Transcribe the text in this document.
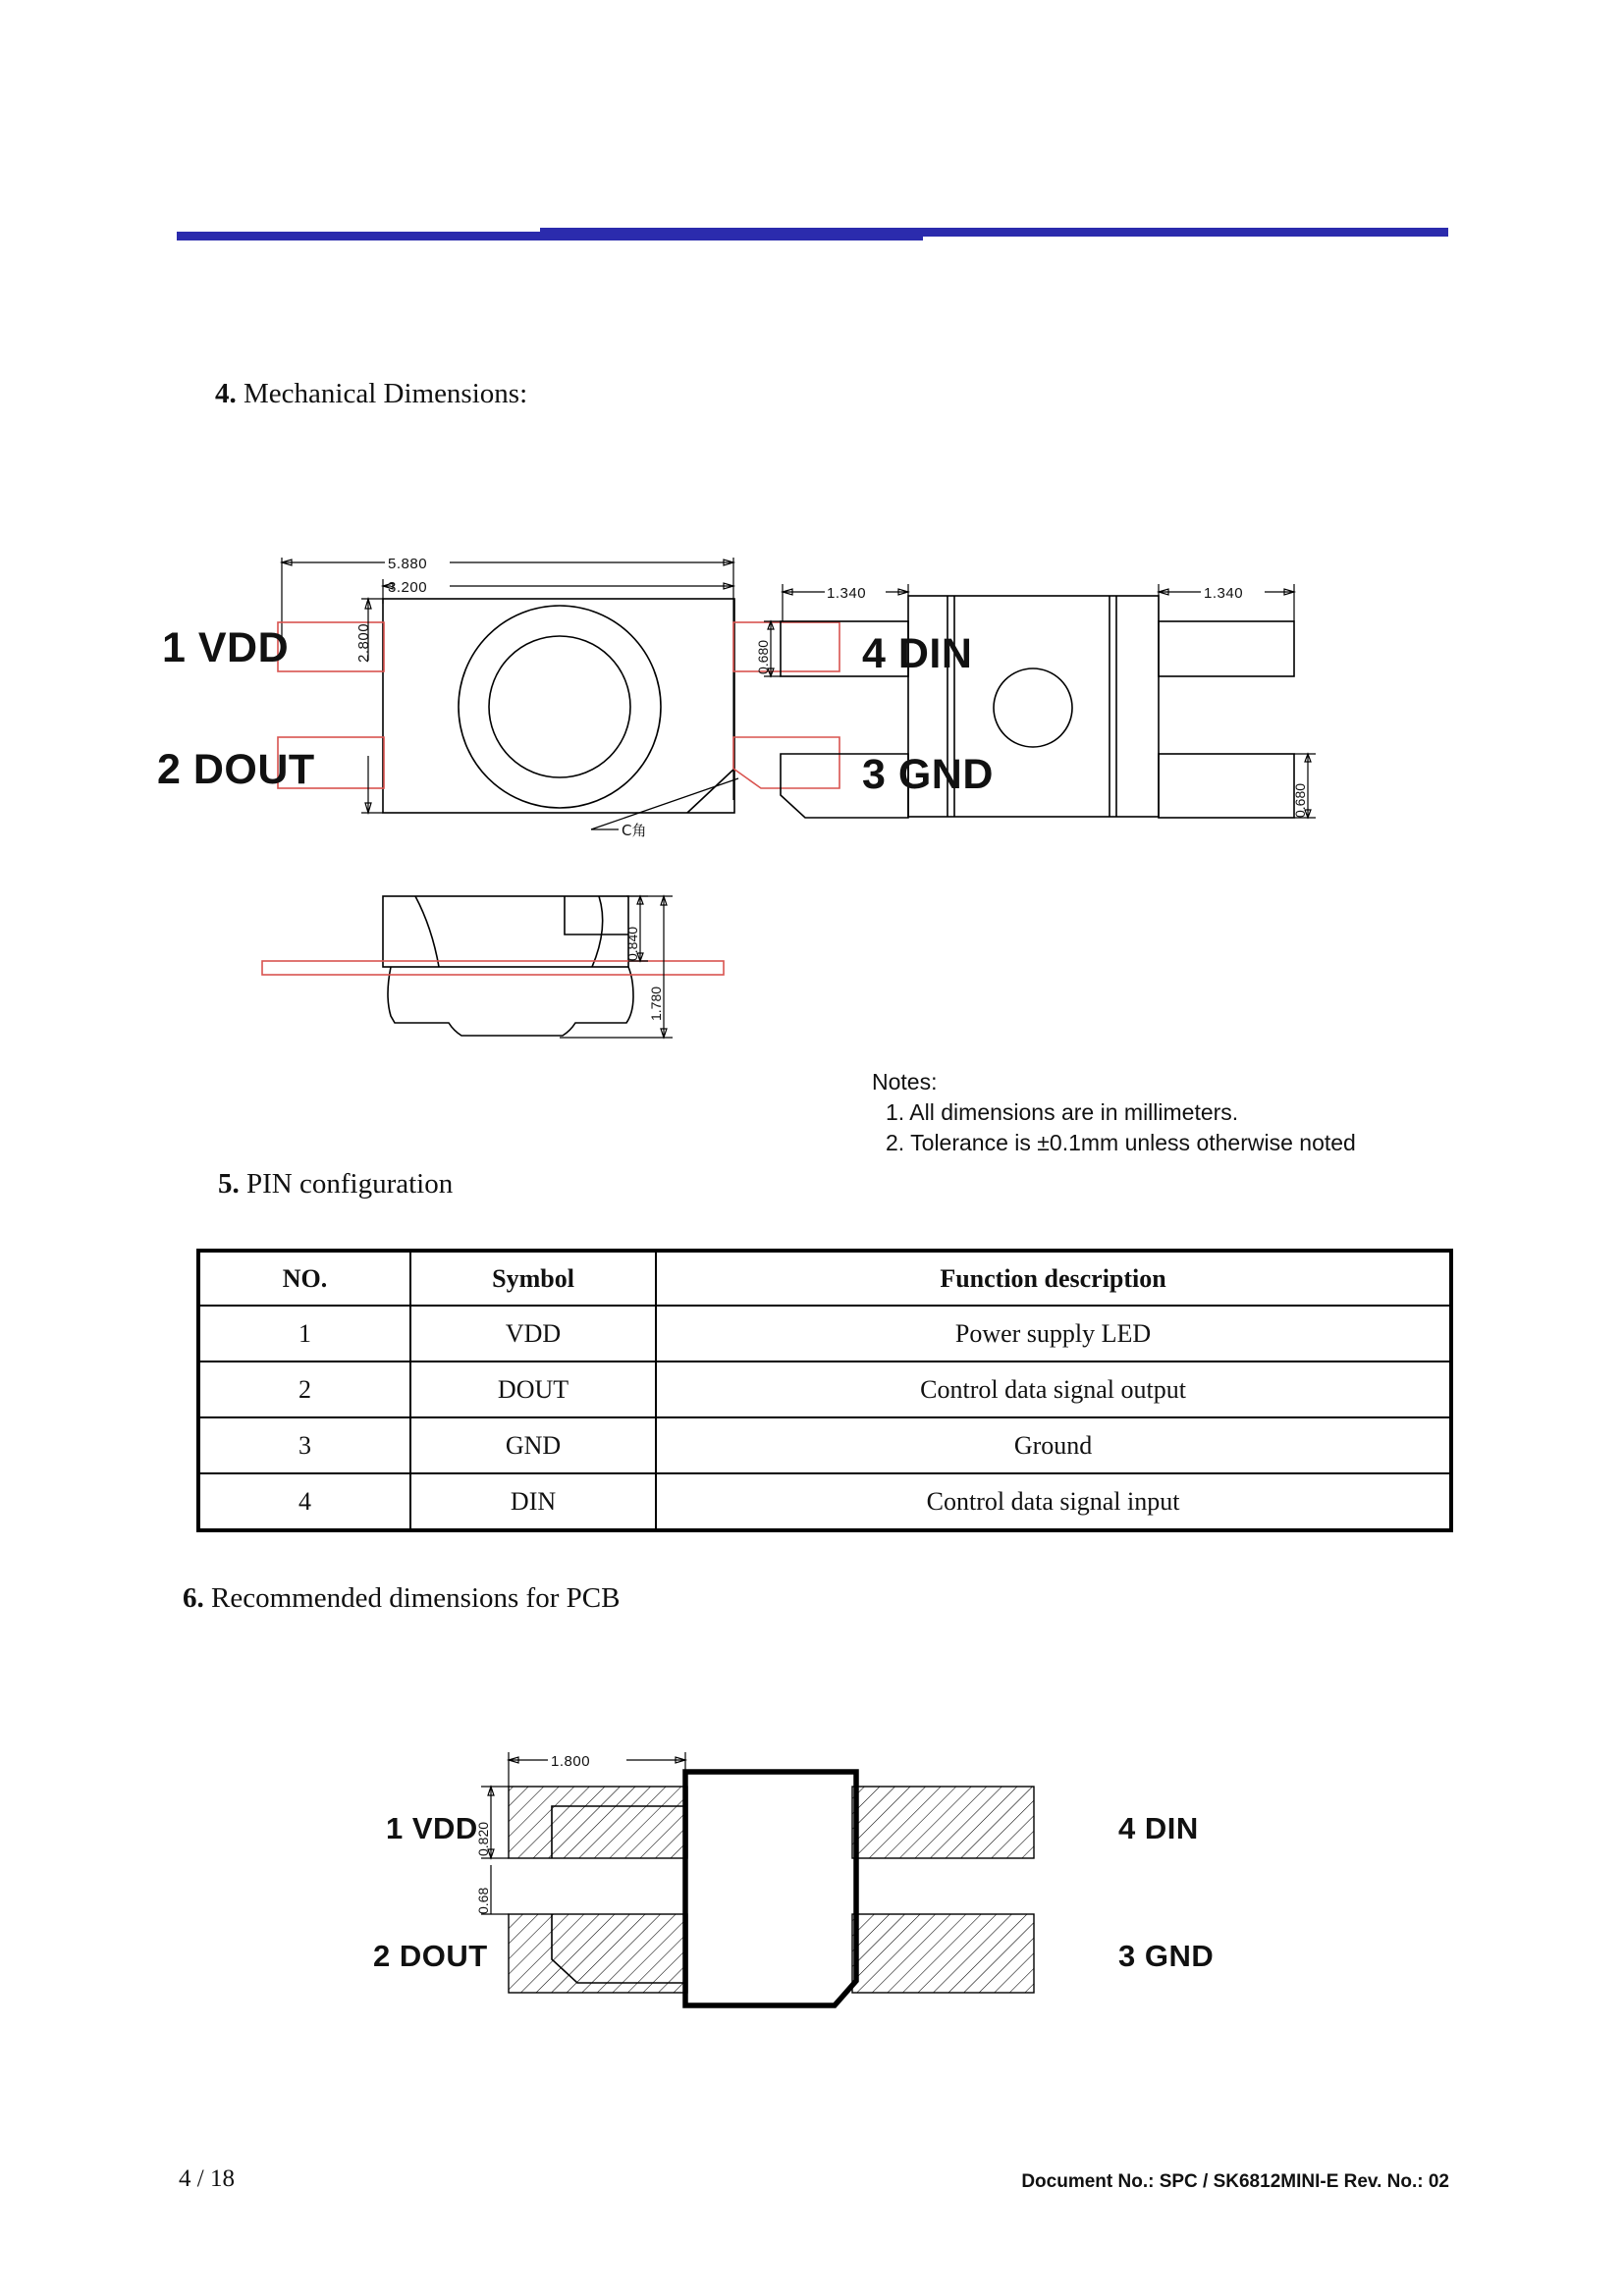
4. Mechanical Dimensions:
5.880
3.200
2.800
C角
1.340	1.340
0.680
0.680
0.840
1.780
1 VDD
2 DOUT
4 DIN
3 GND
Notes:
1. All dimensions are in millimeters.
2. Tolerance is ±0.1mm unless otherwise noted
5. PIN configuration
NO.	Symbol	Function description
1	VDD	Power supply LED
2	DOUT	Control data signal output
3	GND	Ground
4	DIN	Control data signal input
6. Recommended dimensions for PCB
1.800
0.820
0.68
1 VDD
2 DOUT
4 DIN
3 GND
4 / 18	Document No.: SPC / SK6812MINI-E Rev. No.: 02
